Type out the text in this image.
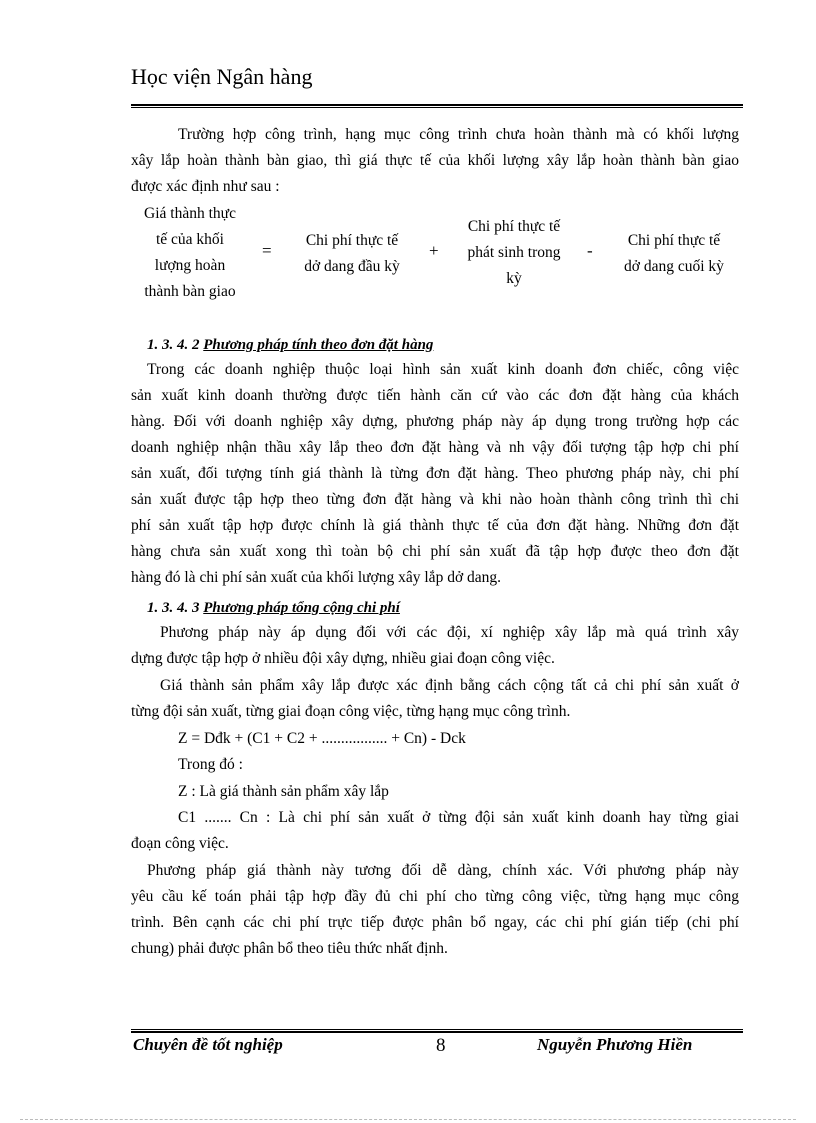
Học viện Ngân hàng
Trường hợp công trình, hạng mục công trình chưa hoàn thành mà có khối lượng
xây lắp hoàn thành bàn giao, thì giá thực tế của khối lượng xây lắp hoàn thành bàn giao
được xác định như sau :
Giá thành thực
tế của khối
lượng hoàn
thành bàn giao
=
Chi phí thực tế
dở dang đầu kỳ
+
Chi phí thực tế
phát sinh trong
kỳ
-
Chi phí thực tế
dở dang cuối kỳ
1. 3. 4. 2 Phương pháp tính theo đơn đặt hàng
Trong các doanh nghiệp thuộc loại hình sản xuất kinh doanh đơn chiếc, công việc
sản xuất kinh doanh thường được tiến hành căn cứ vào các đơn đặt hàng của khách
hàng. Đối với doanh nghiệp xây dựng, phương pháp này áp dụng trong trường hợp các
doanh nghiệp nhận thầu xây lắp theo đơn đặt hàng và nh vậy đối tượng tập hợp chi phí
sản xuất, đối tượng tính giá thành là từng đơn đặt hàng. Theo phương pháp này, chi phí
sản xuất được tập hợp theo từng đơn đặt hàng và khi nào hoàn thành công trình thì chi
phí sản xuất tập hợp được chính là giá thành thực tế của đơn đặt hàng. Những đơn đặt
hàng chưa sản xuất xong thì toàn bộ chi phí sản xuất đã tập hợp được theo đơn đặt
hàng đó là chi phí sản xuất của khối lượng xây lắp dở dang.
1. 3. 4. 3 Phương pháp tổng cộng chi phí
Phương pháp này áp dụng đối với các đội, xí nghiệp xây lắp mà quá trình xây
dựng được tập hợp ở nhiều đội xây dựng, nhiều giai đoạn công việc.
Giá thành sản phẩm xây lắp được xác định bằng cách cộng tất cả chi phí sản xuất ở
từng đội sản xuất, từng giai đoạn công việc, từng hạng mục công trình.
Z = Dđk + (C1 + C2 + ................. + Cn) - Dck
Trong đó :
Z : Là giá thành sản phẩm xây lắp
C1 ....... Cn : Là chi phí sản xuất ở từng đội sản xuất kinh doanh hay từng giai
đoạn công việc.
Phương pháp giá thành này tương đối dễ dàng, chính xác. Với phương pháp này
yêu cầu kế toán phải tập hợp đầy đủ chi phí cho từng công việc, từng hạng mục công
trình. Bên cạnh các chi phí trực tiếp được phân bổ ngay, các chi phí gián tiếp (chi phí
chung) phải được phân bổ theo tiêu thức nhất định.
Chuyên đề tốt nghiệp	8	Nguyễn Phương Hiền
